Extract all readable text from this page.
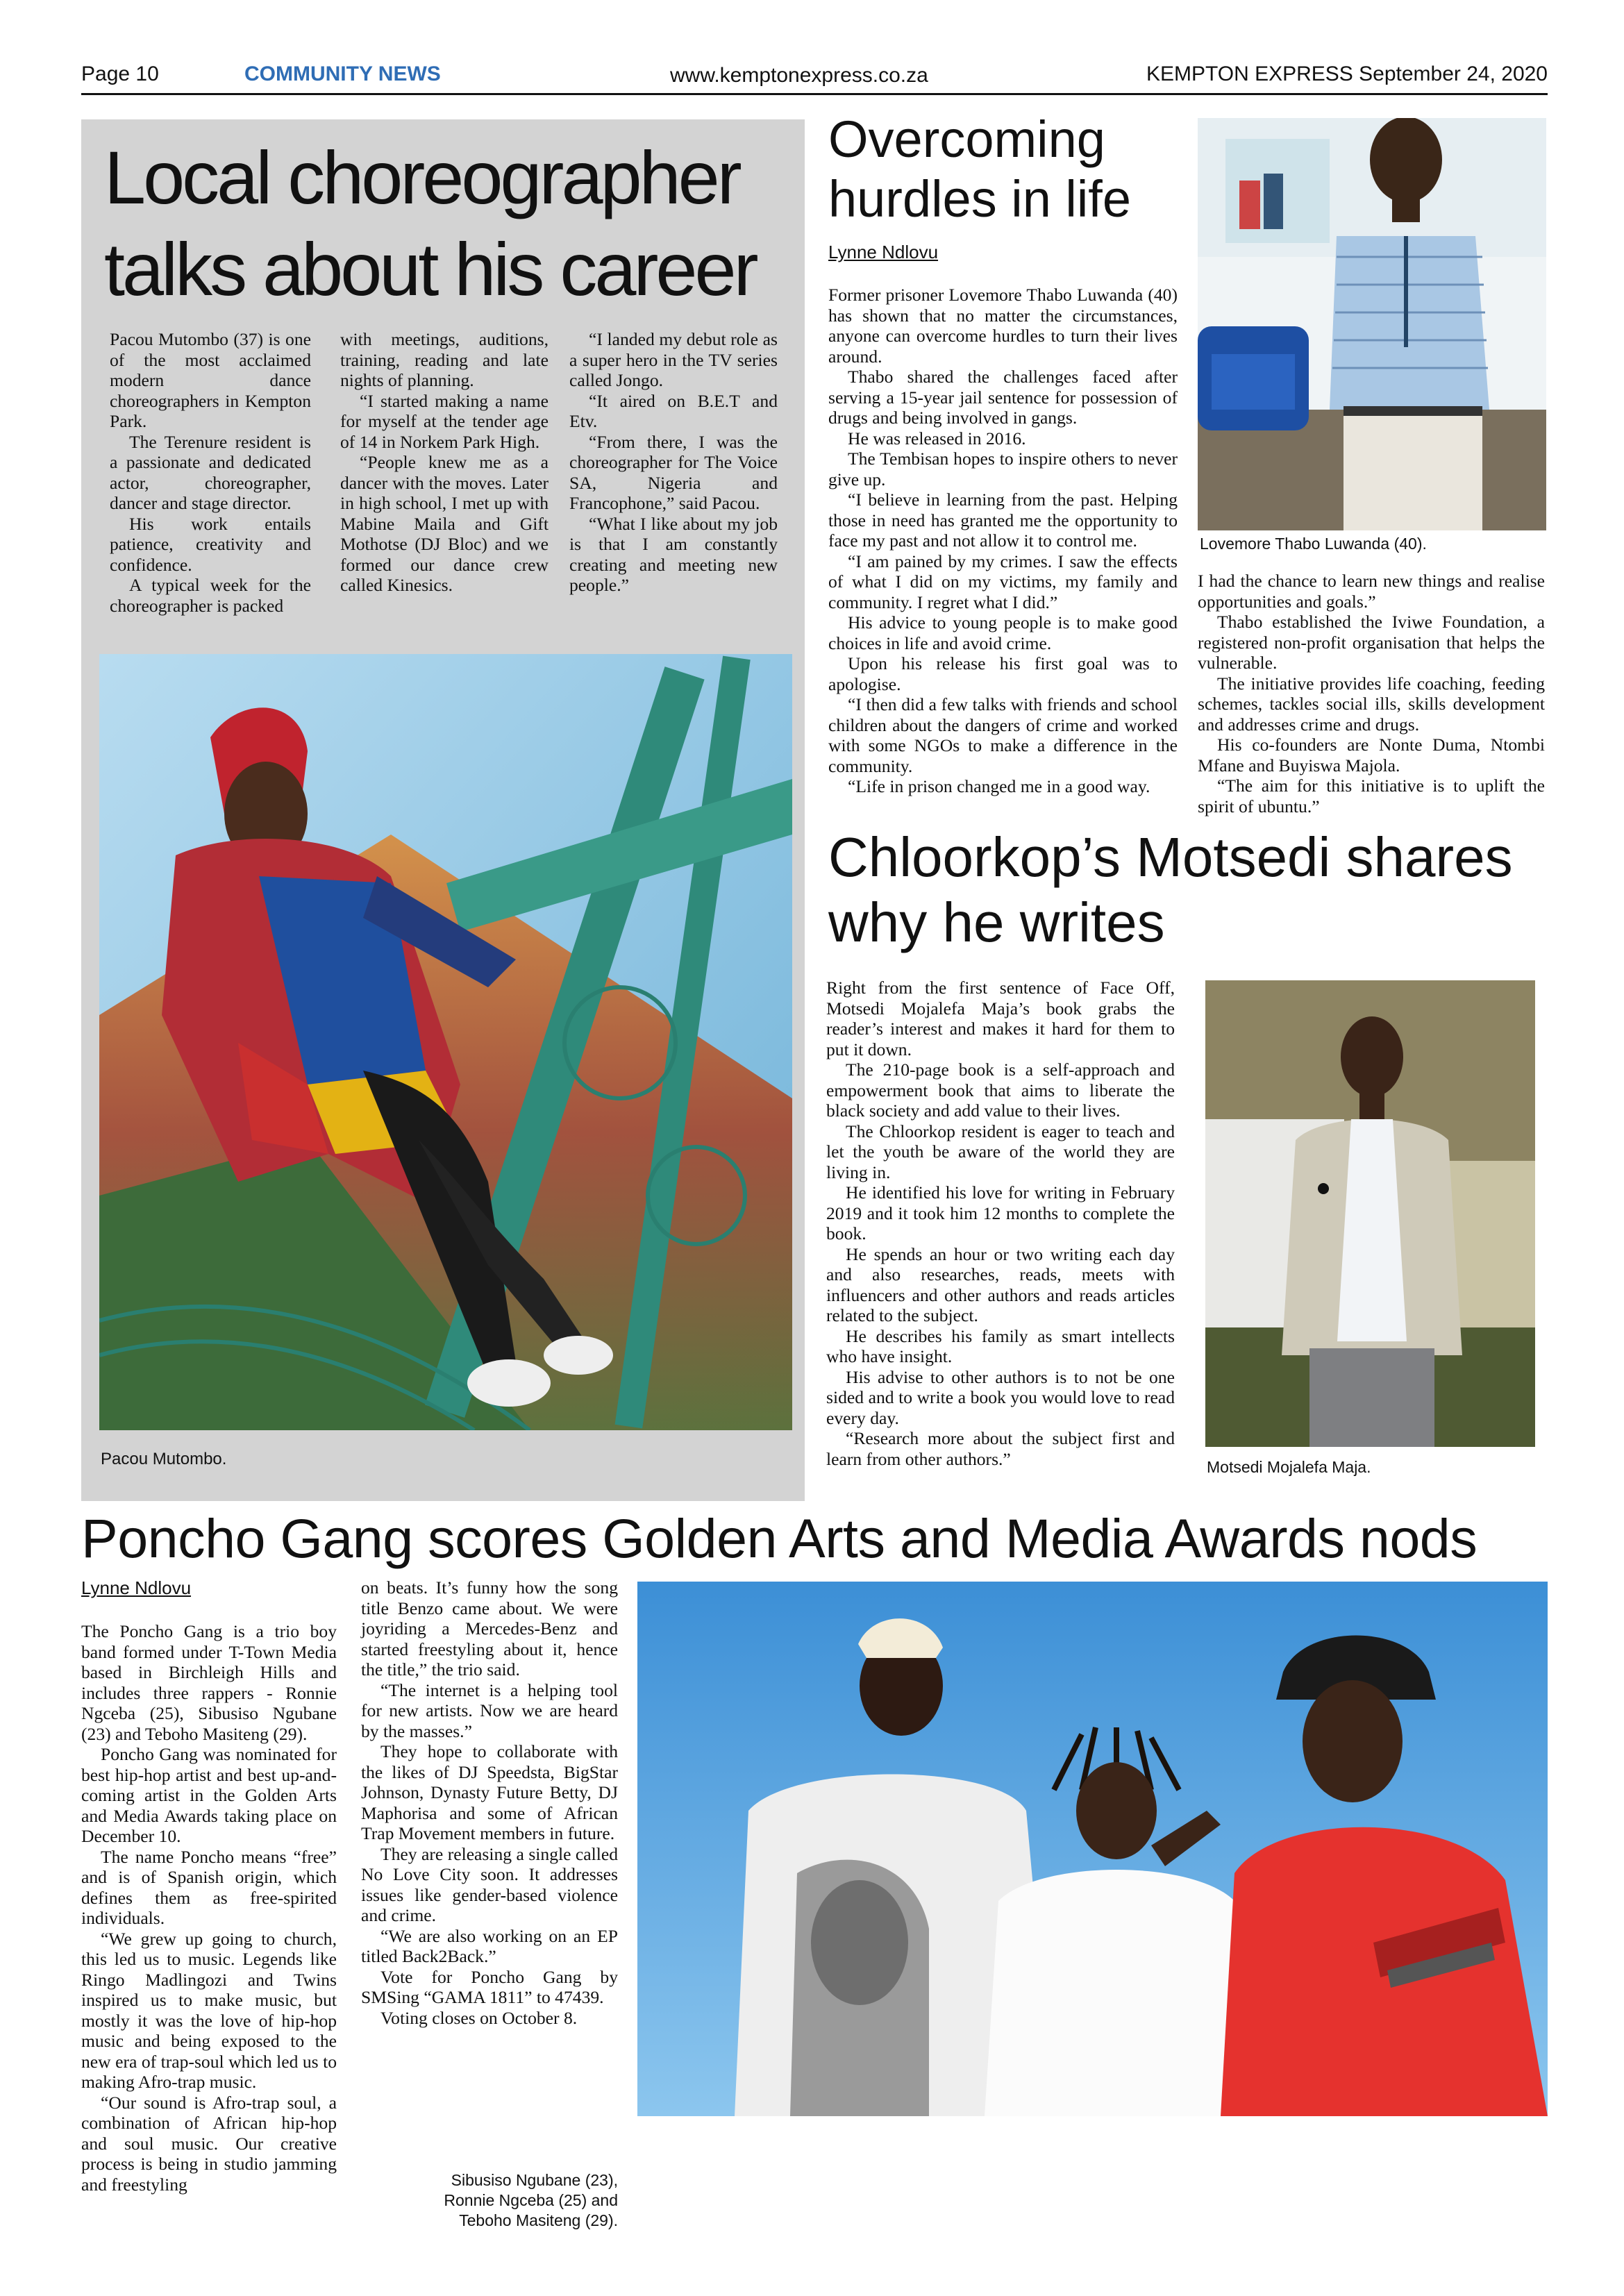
Page 10	COMMUNITY NEWS	www.kemptonexpress.co.za	KEMPTON EXPRESS September 24, 2020
Local choreographer talks about his career

Pacou Mutombo (37) is one of the most acclaimed modern dance choreographers in Kempton Park.

The Terenure resident is a passionate and dedicated actor, choreographer, dancer and stage director.

His work entails patience, creativity and confidence.

A typical week for the choreographer is packed

with meetings, auditions, training, reading and late nights of planning.

“I started making a name for myself at the tender age of 14 in Norkem Park High.

“People knew me as a dancer with the moves. Later in high school, I met up with Mabine Maila and Gift Mothotse (DJ Bloc) and we formed our dance crew called Kinesics.

“I landed my debut role as a super hero in the TV series called Jongo.

“It aired on B.E.T and Etv.

“From there, I was the choreographer for The Voice SA, Nigeria and Francophone,” said Pacou.

“What I like about my job is that I am constantly creating and meeting new people.”

Pacou Mutombo.
Overcoming hurdles in life
Lynne Ndlovu

Former prisoner Lovemore Thabo Luwanda (40) has shown that no matter the circumstances, anyone can overcome hurdles to turn their lives around.

Thabo shared the challenges faced after serving a 15-year jail sentence for possession of drugs and being involved in gangs.

He was released in 2016.

The Tembisan hopes to inspire others to never give up.

“I believe in learning from the past. Helping those in need has granted me the opportunity to face my past and not allow it to control me.

“I am pained by my crimes. I saw the effects of what I did on my victims, my family and community. I regret what I did.”

His advice to young people is to make good choices in life and avoid crime.

Upon his release his first goal was to apologise.

“I then did a few talks with friends and school children about the dangers of crime and worked with some NGOs to make a difference in the community.

“Life in prison changed me in a good way.

Lovemore Thabo Luwanda (40).

I had the chance to learn new things and realise opportunities and goals.”

Thabo established the Iviwe Foundation, a registered non-profit organisation that helps the vulnerable.

The initiative provides life coaching, feeding schemes, tackles social ills, skills development and addresses crime and drugs.

His co-founders are Nonte Duma, Ntombi Mfane and Buyiswa Majola.

“The aim for this initiative is to uplift the spirit of ubuntu.”

Chloorkop’s Motsedi shares why he writes

Right from the first sentence of Face Off, Motsedi Mojalefa Maja’s book grabs the reader’s interest and makes it hard for them to put it down.

The 210-page book is a self-approach and empowerment book that aims to liberate the black society and add value to their lives.

The Chloorkop resident is eager to teach and let the youth be aware of the world they are living in.

He identified his love for writing in February 2019 and it took him 12 months to complete the book.

He spends an hour or two writing each day and also researches, reads, meets with influencers and other authors and reads articles related to the subject.

He describes his family as smart intellects who have insight.

His advise to other authors is to not be one sided and to write a book you would love to read every day.

“Research more about the subject first and learn from other authors.”	Motsedi Mojalefa Maja.
Poncho Gang scores Golden Arts and Media Awards nods
Lynne Ndlovu

The Poncho Gang is a trio boy band formed under T-Town Media based in Birchleigh Hills and includes three rappers - Ronnie Ngceba (25), Sibusiso Ngubane (23) and Teboho Masiteng (29).

Poncho Gang was nominated for best hip-hop artist and best up-and-coming artist in the Golden Arts and Media Awards taking place on December 10.

The name Poncho means “free” and is of Spanish origin, which defines them as free-spirited individuals.

“We grew up going to church, this led us to music. Legends like Ringo Madlingozi and Twins inspired us to make music, but mostly it was the love of hip-hop music and being exposed to the new era of trap-soul which led us to making Afro-trap music.

“Our sound is Afro-trap soul, a combination of African hip-hop and soul music. Our creative process is being in studio jamming and freestyling

on beats. It’s funny how the song title Benzo came about. We were joyriding a Mercedes-Benz and started freestyling about it, hence the title,” the trio said.

“The internet is a helping tool for new artists. Now we are heard by the masses.”

They hope to collaborate with the likes of DJ Speedsta, BigStar Johnson, Dynasty Future Betty, DJ Maphorisa and some of African Trap Movement members in future.

They are releasing a single called No Love City soon. It addresses issues like gender-based violence and crime.

“We are also working on an EP titled Back2Back.”

Vote for Poncho Gang by SMSing “GAMA 1811” to 47439.

Voting closes on October 8.

Sibusiso Ngubane (23), Ronnie Ngceba (25) and Teboho Masiteng (29).
